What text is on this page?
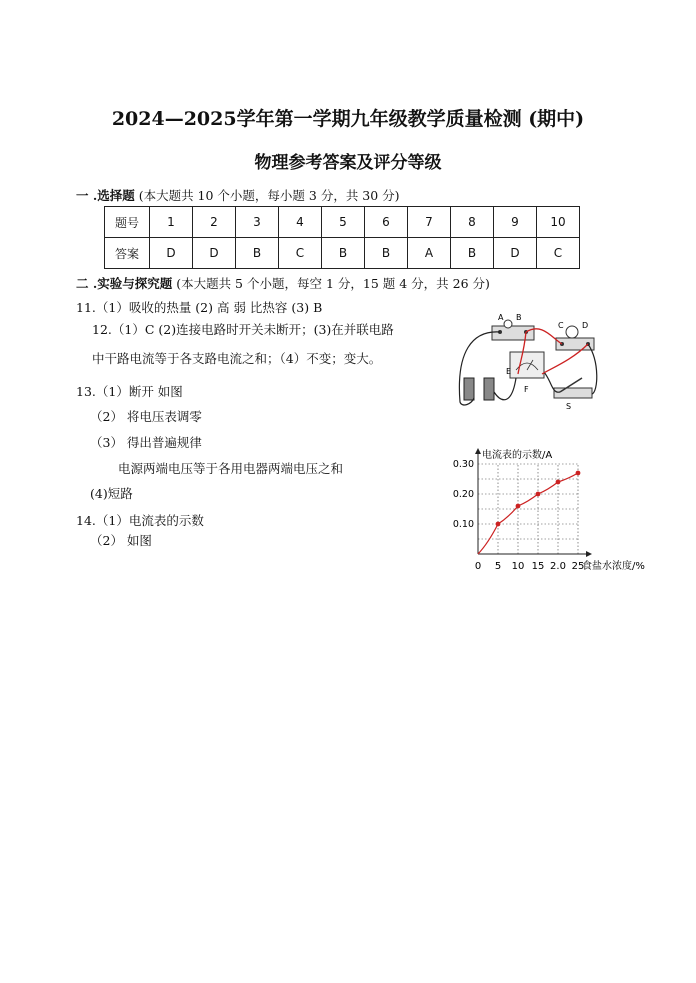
2024—2025学年第一学期九年级教学质量检测 (期中)
物理参考答案及评分等级
一 .选择题 (本大题共 10 个小题，每小题 3 分，共 30 分)
题号	1	2	3	4	5	6	7	8	9	10
答案	D	D	B	C	B	B	A	B	D	C
二 .实验与探究题 (本大题共 5 个小题，每空 1 分，15 题 4 分，共 26 分)
11.（1）吸收的热量 (2) 高 弱 比热容 (3) B
12.（1）C (2)连接电路时开关未断开；(3)在并联电路
中干路电流等于各支路电流之和；（4）不变；变大。
13.（1）断开 如图
（2） 将电压表调零
（3） 得出普遍规律
电源两端电压等于各用电器两端电压之和
(4)短路
14.（1）电流表的示数
（2） 如图
A B
C D
E
F
S
电流表的示数/A
食盐水浓度/%
0 5 10 15 2.0 25
0.10
0.20
0.30
